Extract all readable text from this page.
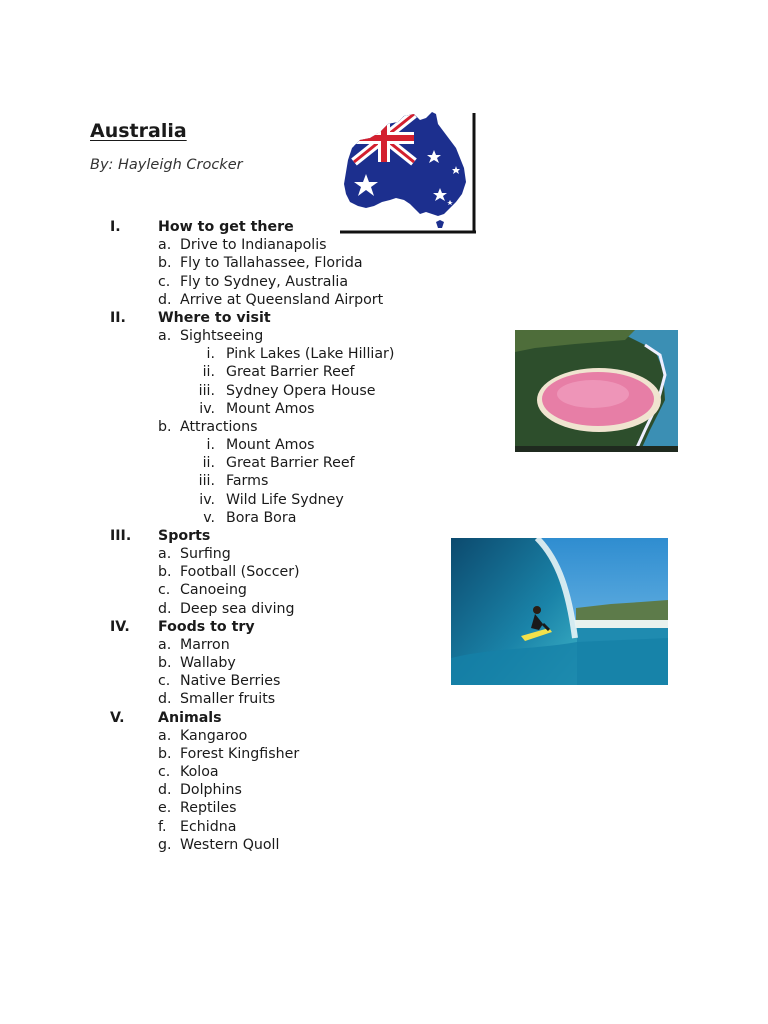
Australia
By: Hayleigh Crocker
I.	How to get there
a. Drive to Indianapolis
b. Fly to Tallahassee, Florida
c. Fly to Sydney, Australia
d. Arrive at Queensland Airport
II. Where to visit
a. Sightseeing
i. Pink Lakes (Lake Hilliar)
ii. Great Barrier Reef
iii. Sydney Opera House
iv. Mount Amos
b. Attractions
i. Mount Amos
ii. Great Barrier Reef
iii. Farms
iv. Wild Life Sydney
v. Bora Bora
III. Sports
a. Surfing
b. Football (Soccer)
c. Canoeing
d. Deep sea diving
IV. Foods to try
a. Marron
b. Wallaby
c. Native Berries
d. Smaller fruits
V. Animals
a. Kangaroo
b. Forest Kingfisher
c. Koloa
d. Dolphins
e. Reptiles
f. Echidna
g. Western Quoll
